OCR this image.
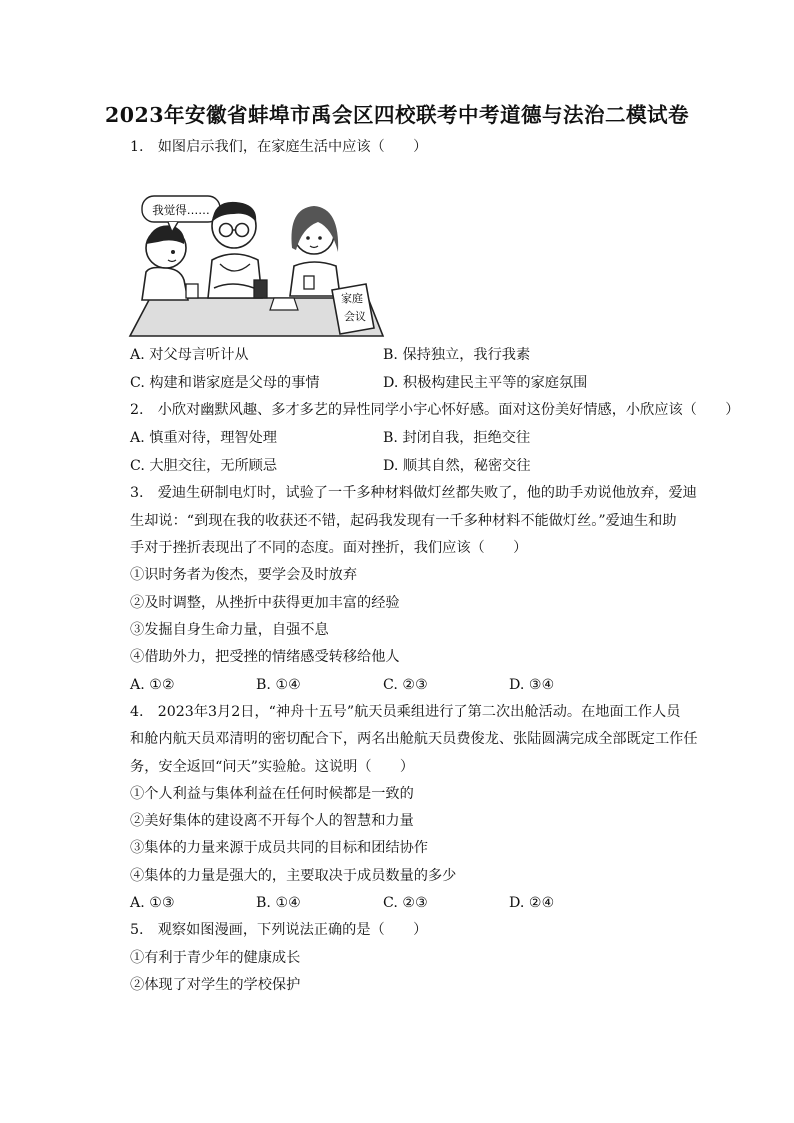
2023年安徽省蚌埠市禹会区四校联考中考道德与法治二模试卷
1.　如图启示我们，在家庭生活中应该（　　）
我觉得……
家庭
会议
A. 对父母言听计从	B. 保持独立，我行我素
C. 构建和谐家庭是父母的事情	D. 积极构建民主平等的家庭氛围
2.　小欣对幽默风趣、多才多艺的异性同学小宇心怀好感。面对这份美好情感，小欣应该（　　）
A. 慎重对待，理智处理	B. 封闭自我，拒绝交往
C. 大胆交往，无所顾忌	D. 顺其自然，秘密交往
3.　爱迪生研制电灯时，试验了一千多种材料做灯丝都失败了，他的助手劝说他放弃，爱迪
生却说：“到现在我的收获还不错，起码我发现有一千多种材料不能做灯丝。”爱迪生和助
手对于挫折表现出了不同的态度。面对挫折，我们应该（　　）
①识时务者为俊杰，要学会及时放弃
②及时调整，从挫折中获得更加丰富的经验
③发掘自身生命力量，自强不息
④借助外力，把受挫的情绪感受转移给他人
A. ①②	B. ①④	C. ②③	D. ③④
4.　2023年3月2日，“神舟十五号”航天员乘组进行了第二次出舱活动。在地面工作人员
和舱内航天员邓清明的密切配合下，两名出舱航天员费俊龙、张陆圆满完成全部既定工作任
务，安全返回“问天”实验舱。这说明（　　）
①个人利益与集体利益在任何时候都是一致的
②美好集体的建设离不开每个人的智慧和力量
③集体的力量来源于成员共同的目标和团结协作
④集体的力量是强大的，主要取决于成员数量的多少
A. ①③	B. ①④	C. ②③	D. ②④
5.　观察如图漫画，下列说法正确的是（　　）
①有利于青少年的健康成长
②体现了对学生的学校保护
